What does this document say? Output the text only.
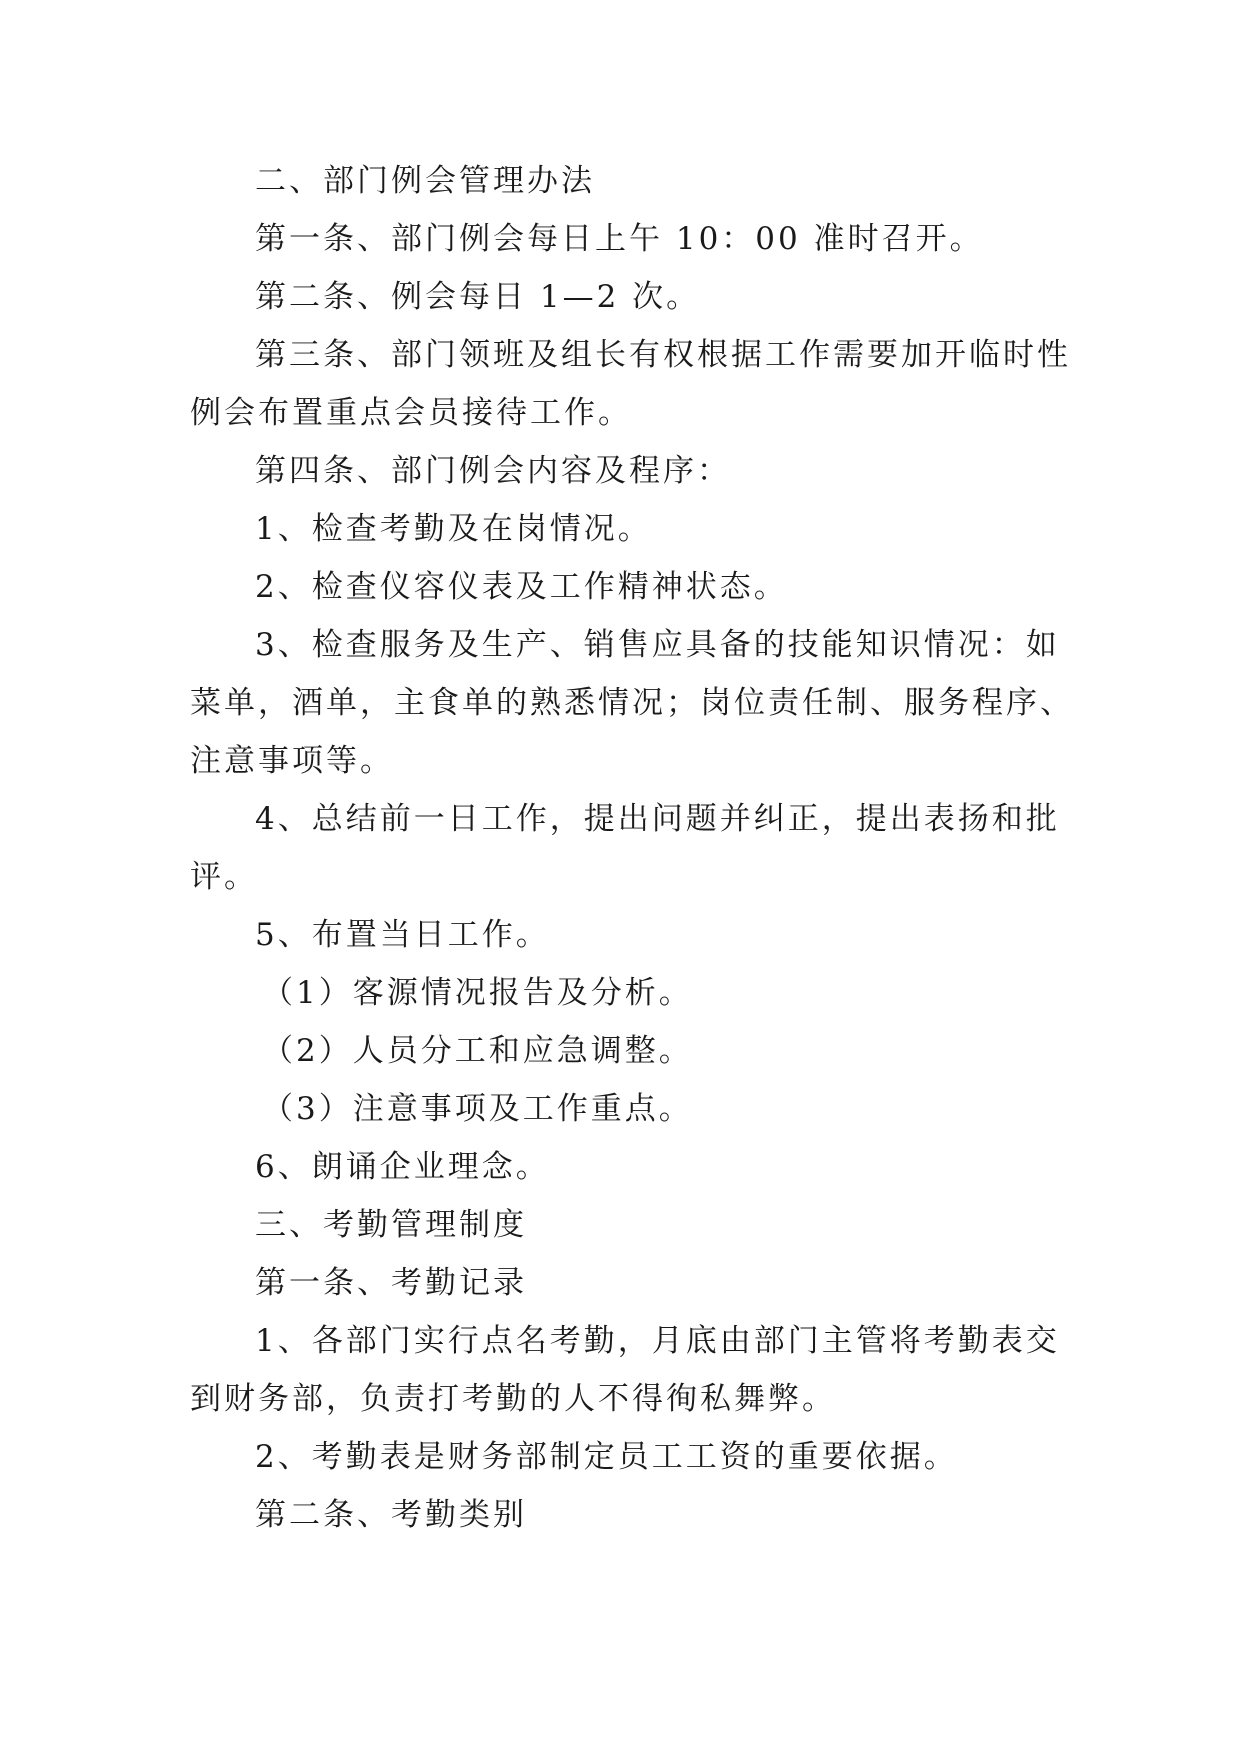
二、部门例会管理办法
第一条、部门例会每日上午 10：00 准时召开。
第二条、例会每日 1—2 次。
第三条、部门领班及组长有权根据工作需要加开临时性
例会布置重点会员接待工作。
第四条、部门例会内容及程序：
1、检查考勤及在岗情况。
2、检查仪容仪表及工作精神状态。
3、检查服务及生产、销售应具备的技能知识情况：如
菜单，酒单，主食单的熟悉情况；岗位责任制、服务程序、
注意事项等。
4、总结前一日工作，提出问题并纠正，提出表扬和批
评。
5、布置当日工作。
（1）客源情况报告及分析。
（2）人员分工和应急调整。
（3）注意事项及工作重点。
6、朗诵企业理念。
三、考勤管理制度
第一条、考勤记录
1、各部门实行点名考勤，月底由部门主管将考勤表交
到财务部，负责打考勤的人不得徇私舞弊。
2、考勤表是财务部制定员工工资的重要依据。
第二条、考勤类别
